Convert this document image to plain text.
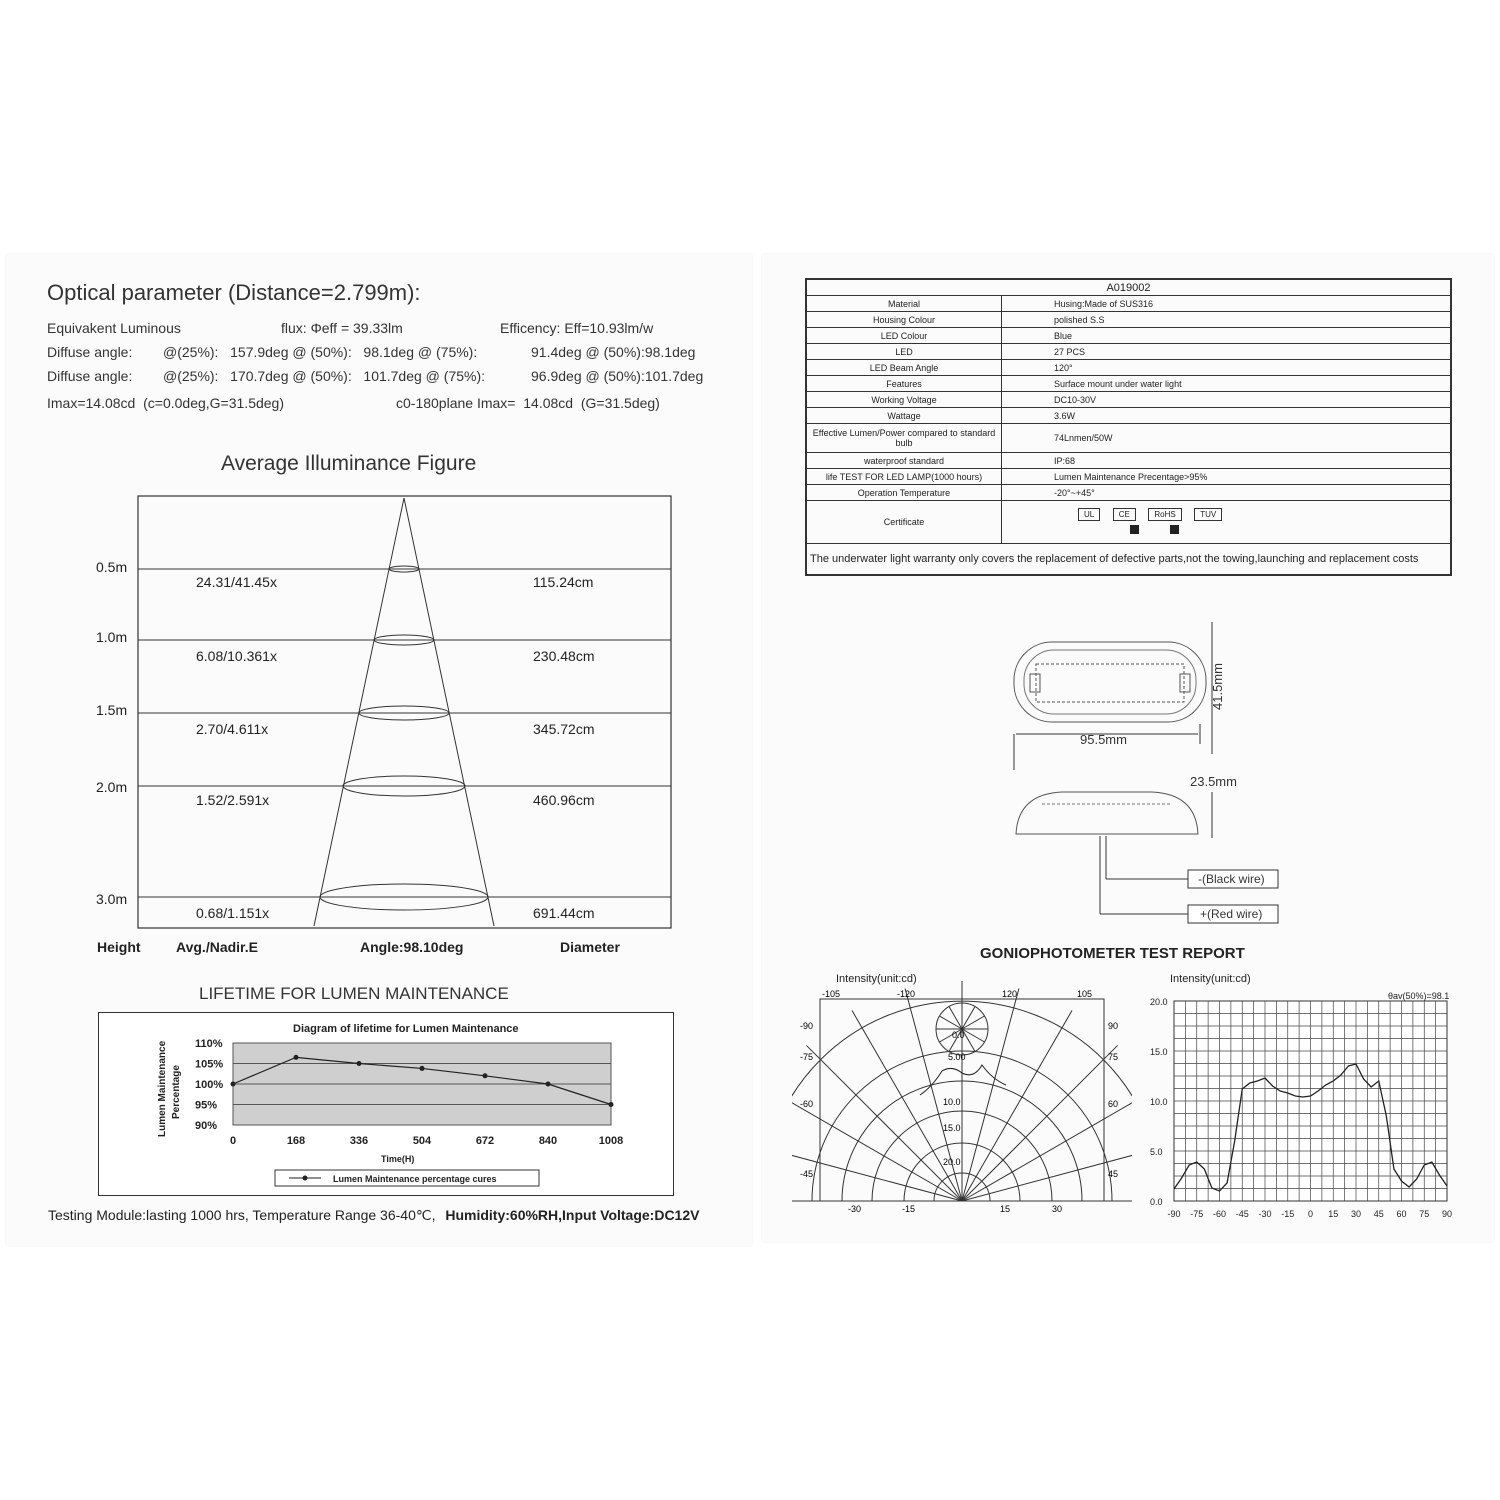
Optical parameter (Distance=2.799m):
Equivakent Luminous	flux: Φeff = 39.33lm	Efficency: Eff=10.93lm/w
Diffuse angle: @(25%):   157.9deg @ (50%):   98.1deg @ (75%):	91.4deg @ (50%):98.1deg
Diffuse angle: @(25%):   170.7deg @ (50%):   101.7deg @ (75%):	96.9deg @ (50%):101.7deg
Imax=14.08cd  (c=0.0deg,G=31.5deg)	c0-180plane Imax=  14.08cd  (G=31.5deg)
Average Illuminance Figure
0.5m
24.31/41.45x	115.24cm
1.0m
6.08/10.361x	230.48cm
1.5m
2.70/4.611x	345.72cm
2.0m
1.52/2.591x	460.96cm
3.0m
0.68/1.151x	691.44cm
Height	Avg./Nadir.E	Angle:98.10deg	Diameter
LIFETIME FOR LUMEN MAINTENANCE
Diagram of lifetime for Lumen Maintenance
110%
105%
100%
95%
90%
0	168	336	504	672	840	1008
Lumen Maintenance Percentage
Time(H)
Lumen Maintenance percentage cures
Testing Module:lasting 1000 hrs, Temperature Range 36-40℃, Humidity:60%RH,Input Voltage:DC12V
A019002	
Material	Husing:Made of SUS316
Housing Colour	polished S.S
LED Colour	Blue
LED	27 PCS
LED Beam Angle	120°
Features	Surface mount under water light
Working Voltage	DC10-30V
Wattage	3.6W
Effective Lumen/Power compared to standard bulb	74Lnmen/50W
waterproof standard	IP:68
life TEST FOR LED LAMP(1000 hours)	Lumen Maintenance Precentage>95%
Operation Temperature	-20°~+45°
Certificate	UL CE RoHS TUV

The underwater light warranty only covers the replacement of defective parts,not the towing,launching and replacement costs	
41.5mm
95.5mm
23.5mm
-(Black wire)
+(Red wire)
GONIOPHOTOMETER TEST REPORT
Intensity(unit:cd)
-105	-120	120	105
-90
-75
-60
-45
90
75
60
45
-30	-15	15	30
0.0
5.00
10.0
15.0
20.0
Intensity(unit:cd)
θav(50%)=98.1
20.0
15.0
10.0
5.0
0.0
-90 -75 -60 -45 -30 -15 0 15 30 45 60 75 90
